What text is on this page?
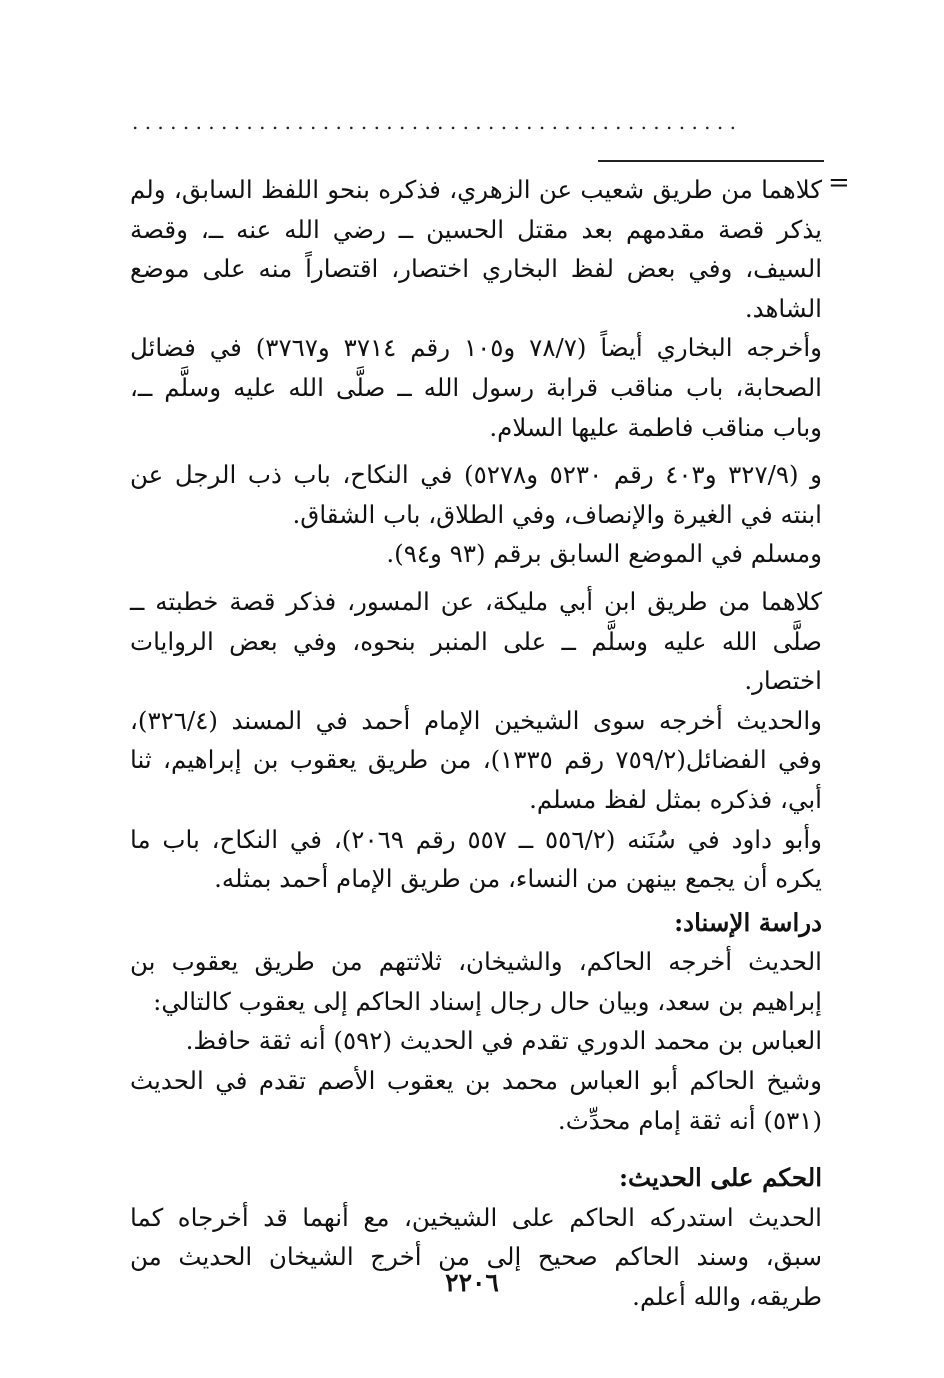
. . . . . . . . . . . . . . . . . . . . . . . . . . . . . . . . . . . . . . . . . . . . . . . .
=

كلاهما من طريق شعيب عن الزهري، فذكره بنحو اللفظ السابق، ولم يذكر قصة مقدمهم بعد مقتل الحسين ــ رضي الله عنه ــ، وقصة السيف، وفي بعض لفظ البخاري اختصار، اقتصاراً منه على موضع الشاهد.

وأخرجه البخاري أيضاً (٧٨/٧ و١٠٥ رقم ٣٧١٤ و٣٧٦٧) في فضائل الصحابة، باب مناقب قرابة رسول الله ــ صلَّى الله عليه وسلَّم ــ، وباب مناقب فاطمة عليها السلام.

و (٣٢٧/٩ و٤٠٣ رقم ٥٢٣٠ و٥٢٧٨) في النكاح، باب ذب الرجل عن ابنته في الغيرة والإنصاف، وفي الطلاق، باب الشقاق.

ومسلم في الموضع السابق برقم (٩٣ و٩٤).

كلاهما من طريق ابن أبي مليكة، عن المسور، فذكر قصة خطبته ــ صلَّى الله عليه وسلَّم ــ على المنبر بنحوه، وفي بعض الروايات اختصار.

والحديث أخرجه سوى الشيخين الإمام أحمد في المسند (٣٢٦/٤)، وفي الفضائل(٧٥٩/٢ رقم ١٣٣٥)، من طريق يعقوب بن إبراهيم، ثنا أبي، فذكره بمثل لفظ مسلم.

وأبو داود في سُنَنه (٥٥٦/٢ ــ ٥٥٧ رقم ٢٠٦٩)، في النكاح، باب ما يكره أن يجمع بينهن من النساء، من طريق الإمام أحمد بمثله.

دراسة الإسناد:

الحديث أخرجه الحاكم، والشيخان، ثلاثتهم من طريق يعقوب بن إبراهيم بن سعد، وبيان حال رجال إسناد الحاكم إلى يعقوب كالتالي:

العباس بن محمد الدوري تقدم في الحديث (٥٩٢) أنه ثقة حافظ.

وشيخ الحاكم أبو العباس محمد بن يعقوب الأصم تقدم في الحديث (٥٣١) أنه ثقة إمام محدِّث.

الحكم على الحديث:

الحديث استدركه الحاكم على الشيخين، مع أنهما قد أخرجاه كما سبق، وسند الحاكم صحيح إلى من أخرج الشيخان الحديث من طريقه، والله أعلم.

٢٢٠٦
